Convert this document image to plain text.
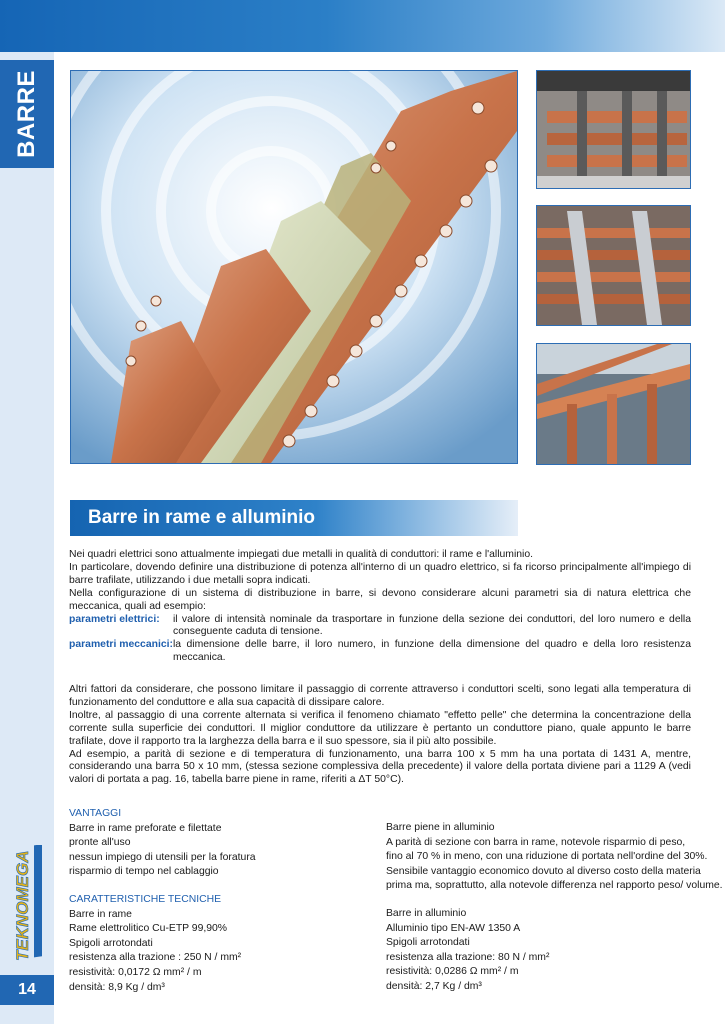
BARRE
TEKNOMEGA
14
Barre in rame e alluminio

Nei quadri elettrici sono attualmente impiegati due metalli in qualità di conduttori: il rame e l'alluminio.

In particolare, dovendo definire una distribuzione di potenza all'interno di un quadro elettrico, si fa ricorso principalmente all'impiego di barre trafilate, utilizzando i due metalli sopra indicati.

Nella configurazione di un sistema di distribuzione in barre, si devono considerare alcuni parametri sia di natura elettrica che meccanica, quali ad esempio:

parametri elettrici:	il valore di intensità nominale da trasportare in funzione della sezione dei conduttori, del loro numero e della conseguente caduta di tensione.
parametri meccanici: la dimensione delle barre, il loro numero, in funzione della dimensione del quadro e della loro resistenza meccanica.

Altri fattori da considerare, che possono limitare il passaggio di corrente attraverso i conduttori scelti, sono legati alla temperatura di funzionamento del conduttore e alla sua capacità di dissipare calore.

Inoltre, al passaggio di una corrente alternata si verifica il fenomeno chiamato "effetto pelle" che determina la concentrazione della corrente sulla superficie dei conduttori. Il miglior conduttore da utilizzare è pertanto un conduttore piano, quale appunto le barre trafilate, dove il rapporto tra la larghezza della barra e il suo spessore, sia il più alto possibile.

Ad esempio, a parità di sezione e di temperatura di funzionamento, una barra 100 x 5 mm ha una portata di 1431 A, mentre, considerando una barra 50 x 10 mm, (stessa sezione complessiva della precedente) il valore della portata diviene pari a 1129 A (vedi valori di portata a pag. 16, tabella barre piene in rame, riferiti a ΔT 50°C).

VANTAGGI
Barre in rame preforate e filettate
pronte all'uso
nessun impiego di utensili per la foratura
risparmio di tempo nel cablaggio
Barre piene in alluminio
A parità di sezione con barra in rame, notevole risparmio di peso,
fino al 70 % in meno, con una riduzione di portata nell'ordine del 30%.
Sensibile vantaggio economico dovuto al diverso costo della materia
prima ma, soprattutto, alla notevole differenza nel rapporto peso/ volume.
CARATTERISTICHE TECNICHE
Barre in rame
Rame elettrolitico Cu-ETP 99,90%
Spigoli arrotondati
resistenza alla trazione : 250 N / mm²
resistività: 0,0172 Ω mm² / m
densità: 8,9 Kg / dm³
Barre in alluminio
Alluminio tipo EN-AW 1350 A
Spigoli arrotondati
resistenza alla trazione: 80 N / mm²
resistività: 0,0286 Ω mm² / m
densità: 2,7 Kg / dm³
